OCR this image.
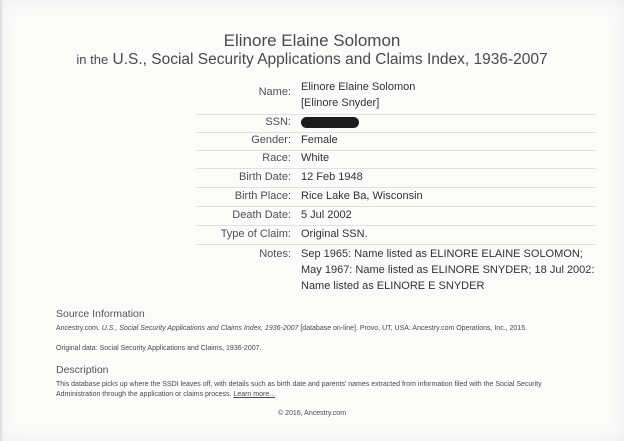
Elinore Elaine Solomon
in the U.S., Social Security Applications and Claims Index, 1936-2007
Name: Elinore Elaine Solomon
[Elinore Snyder]
SSN:
Gender: Female
Race: White
Birth Date: 12 Feb 1948
Birth Place: Rice Lake Ba, Wisconsin
Death Date: 5 Jul 2002
Type of Claim: Original SSN.
Notes: Sep 1965: Name listed as ELINORE ELAINE SOLOMON;
May 1967: Name listed as ELINORE SNYDER; 18 Jul 2002:
Name listed as ELINORE E SNYDER
Source Information
Ancestry.com. U.S., Social Security Applications and Claims Index, 1936-2007 [database on-line]. Provo, UT, USA: Ancestry.com Operations, Inc., 2015.
Original data: Social Security Applications and Claims, 1936-2007.
Description
This database picks up where the SSDI leaves off, with details such as birth date and parents' names extracted from information filed with the Social Security
Administration through the application or claims process. Learn more...
© 2016, Ancestry.com
